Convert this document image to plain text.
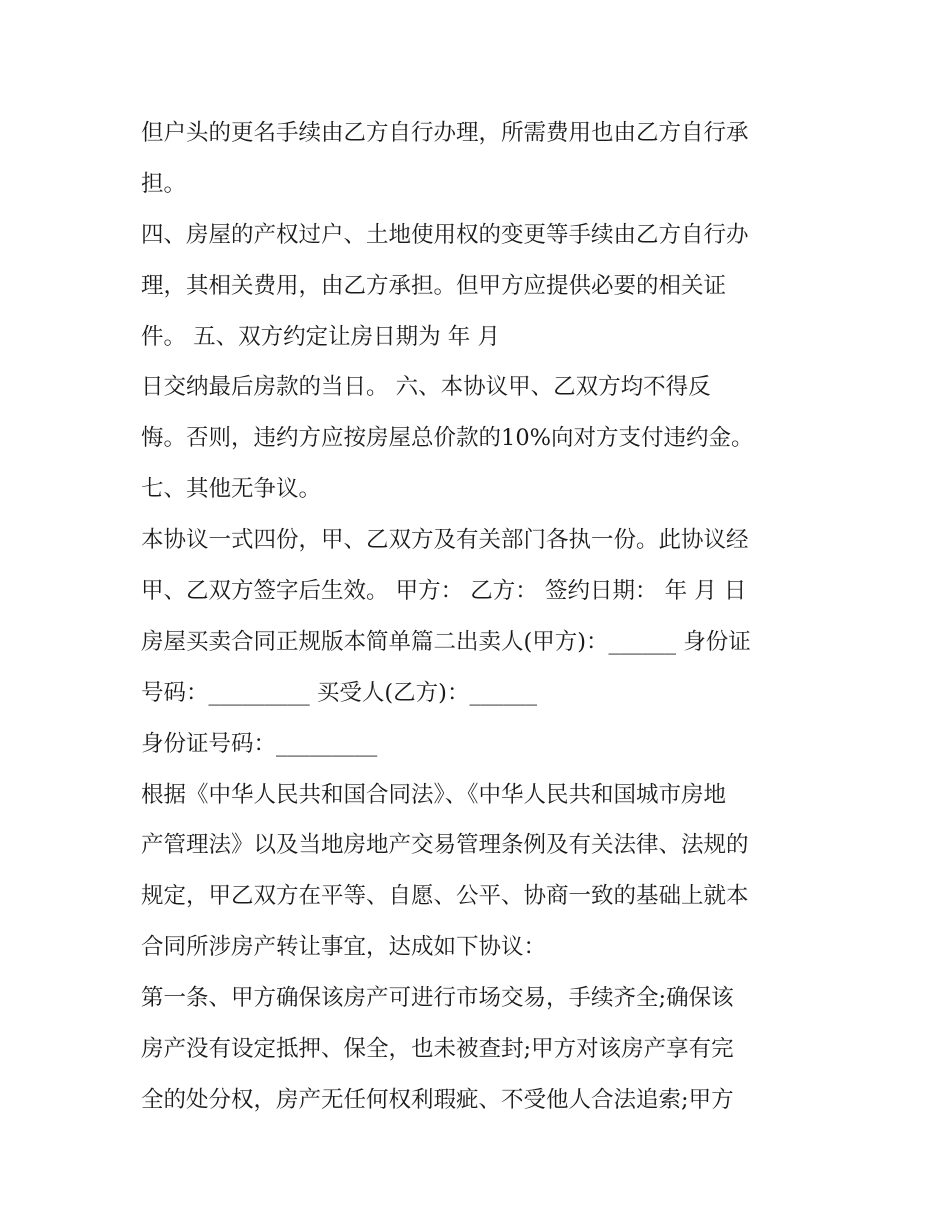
但户头的更名手续由乙方自行办理，所需费用也由乙方自行承
担。
四、房屋的产权过户、土地使用权的变更等手续由乙方自行办
理，其相关费用，由乙方承担。但甲方应提供必要的相关证
件。 五、双方约定让房日期为 年 月
日交纳最后房款的当日。 六、本协议甲、乙双方均不得反
悔。否则，违约方应按房屋总价款的10%向对方支付违约金。
七、其他无争议。
本协议一式四份，甲、乙双方及有关部门各执一份。此协议经
甲、乙双方签字后生效。 甲方： 乙方： 签约日期： 年 月 日
房屋买卖合同正规版本简单篇二出卖人(甲方)：______ 身份证
号码：_________ 买受人(乙方)：______
身份证号码：_________
根据《中华人民共和国合同法》、《中华人民共和国城市房地
产管理法》以及当地房地产交易管理条例及有关法律、法规的
规定，甲乙双方在平等、自愿、公平、协商一致的基础上就本
合同所涉房产转让事宜，达成如下协议：
第一条、甲方确保该房产可进行市场交易，手续齐全;确保该
房产没有设定抵押、保全，也未被查封;甲方对该房产享有完
全的处分权，房产无任何权利瑕疵、不受他人合法追索;甲方
